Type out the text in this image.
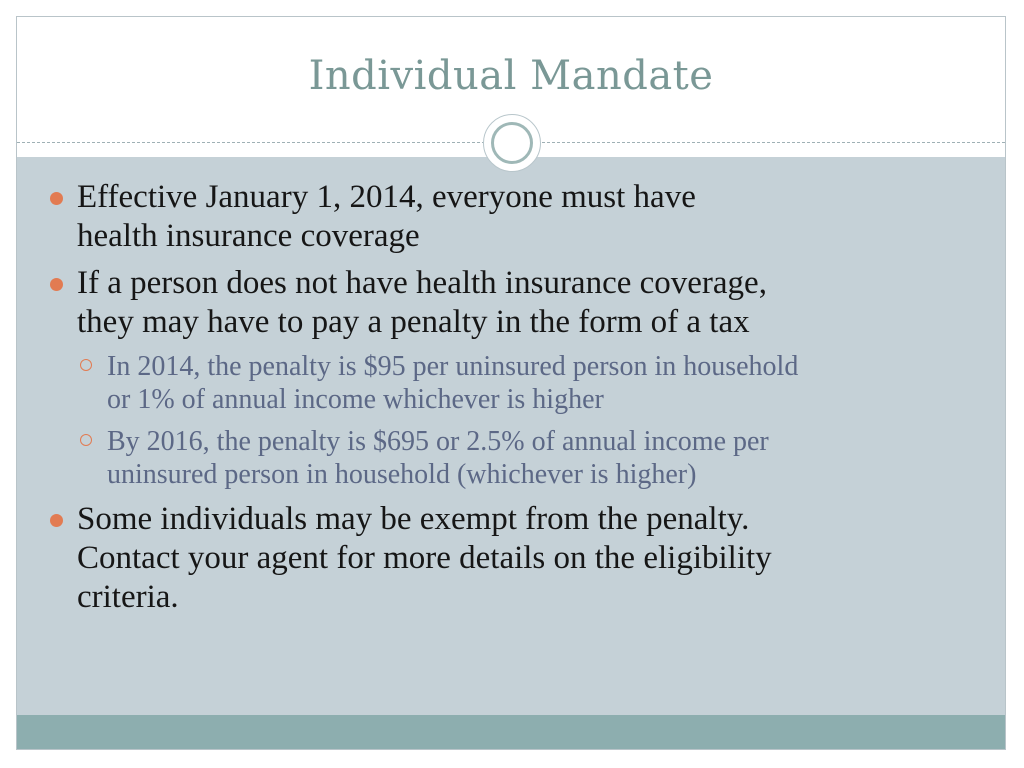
Individual Mandate
Effective January 1, 2014, everyone must have
health insurance coverage
If a person does not have health insurance coverage,
they may have to pay a penalty in the form of a tax
In 2014, the penalty is $95 per uninsured person in household
or 1% of annual income whichever is higher
By 2016, the penalty is $695 or 2.5% of annual income per
uninsured person in household (whichever is higher)
Some individuals may be exempt from the penalty.
Contact your agent for more details on the eligibility
criteria.
